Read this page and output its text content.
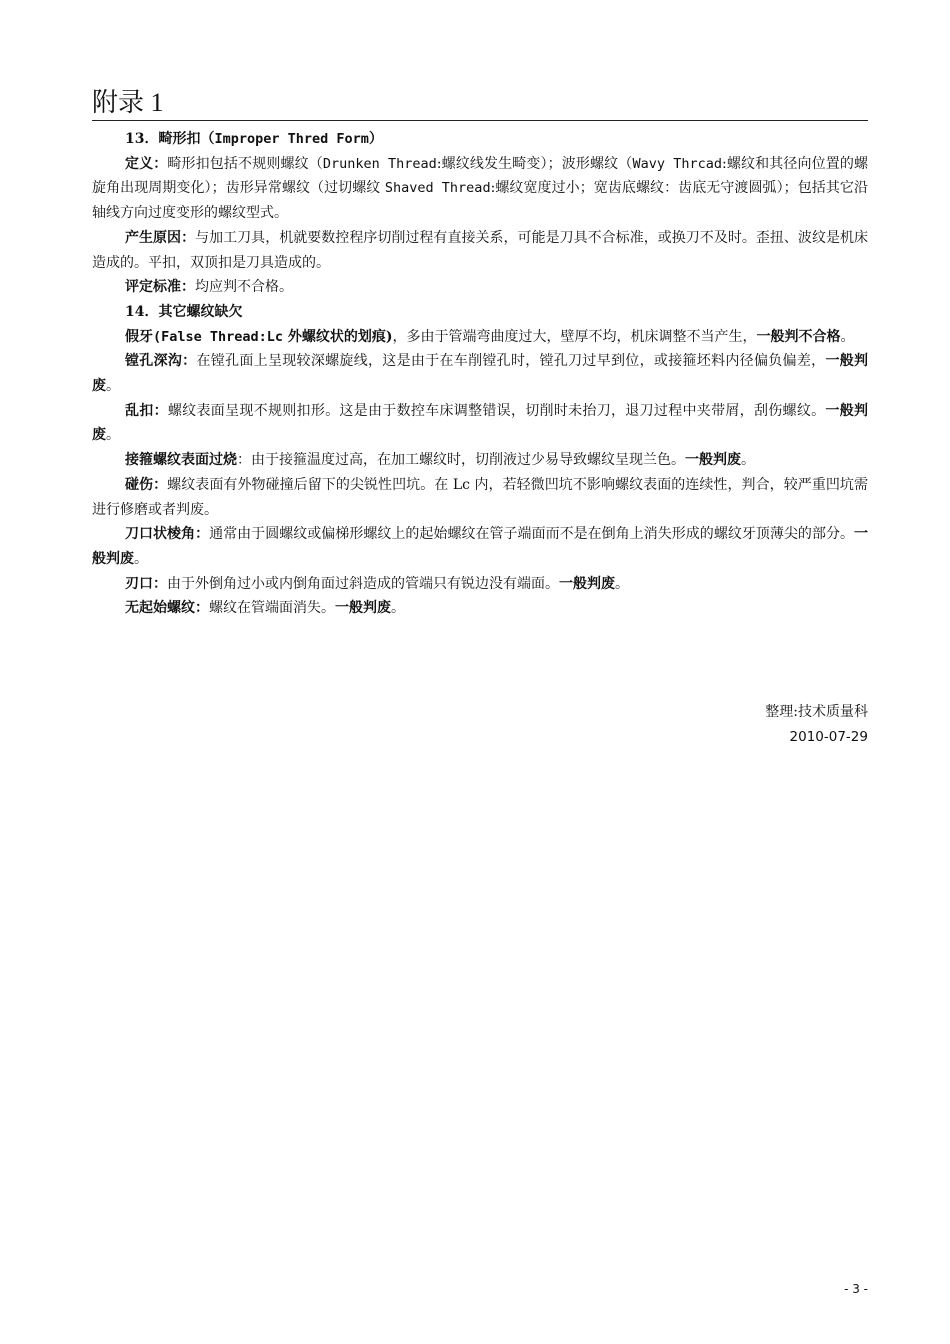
附录 1

13．畸形扣（Improper Thred Form）

定义：畸形扣包括不规则螺纹（Drunken Thread:螺纹线发生畸变）；波形螺纹（Wavy Thrcad:螺纹和其径向位置的螺旋角出现周期变化）；齿形异常螺纹（过切螺纹 Shaved Thread:螺纹宽度过小；宽齿底螺纹：齿底无守渡圆弧）；包括其它沿轴线方向过度变形的螺纹型式。

产生原因：与加工刀具，机就要数控程序切削过程有直接关系，可能是刀具不合标准，或换刀不及时。歪扭、波纹是机床造成的。平扣，双顶扣是刀具造成的。

评定标准：均应判不合格。

14．其它螺纹缺欠

假牙(False Thread:Lc 外螺纹状的划痕)，多由于管端弯曲度过大，壁厚不均，机床调整不当产生，一般判不合格。

镗孔深沟：在镗孔面上呈现较深螺旋线，这是由于在车削镗孔时，镗孔刀过早到位，或接箍坯料内径偏负偏差，一般判废。

乱扣：螺纹表面呈现不规则扣形。这是由于数控车床调整错误，切削时未抬刀，退刀过程中夹带屑，刮伤螺纹。一般判废。

接箍螺纹表面过烧：由于接箍温度过高，在加工螺纹时，切削液过少易导致螺纹呈现兰色。一般判废。

碰伤：螺纹表面有外物碰撞后留下的尖锐性凹坑。在 Lc 内，若轻微凹坑不影响螺纹表面的连续性，判合，较严重凹坑需进行修磨或者判废。

刀口状棱角：通常由于圆螺纹或偏梯形螺纹上的起始螺纹在管子端面而不是在倒角上消失形成的螺纹牙顶薄尖的部分。一般判废。

刃口：由于外倒角过小或内倒角面过斜造成的管端只有锐边没有端面。一般判废。

无起始螺纹：螺纹在管端面消失。一般判废。

整理:技术质量科
2010-07-29
- 3 -
